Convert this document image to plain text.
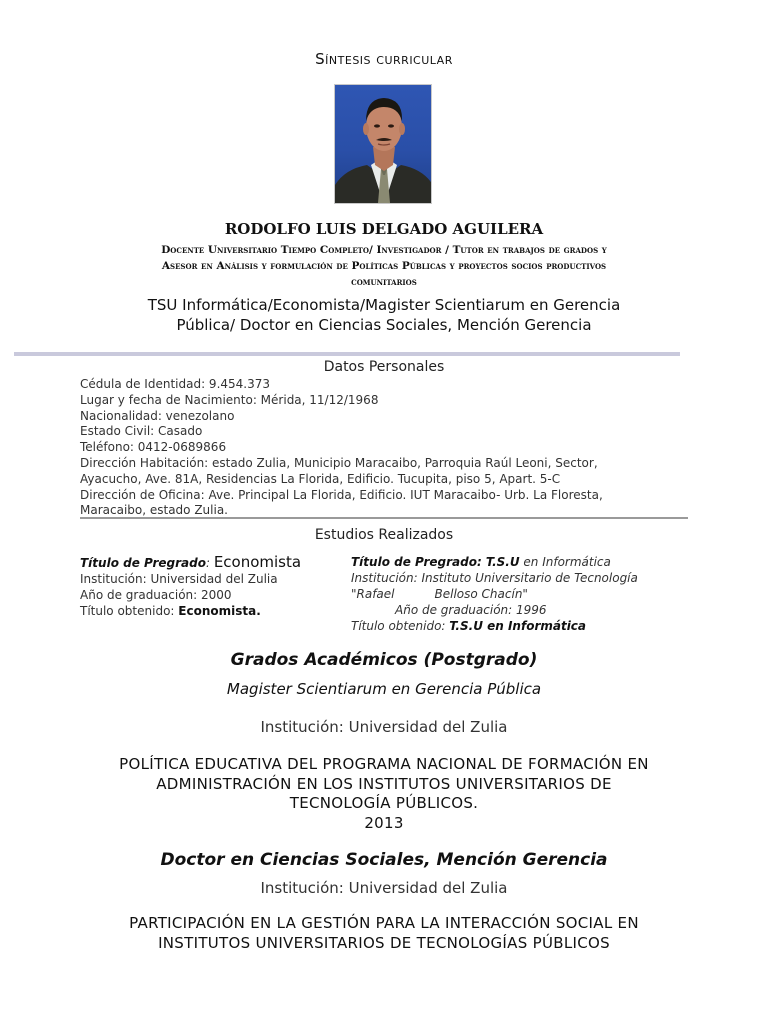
Síntesis curricular
RODOLFO LUIS DELGADO AGUILERA
Docente Universitario Tiempo Completo/ Investigador / Tutor en trabajos de grados y
Asesor en Análisis y formulación de Políticas Públicas y proyectos socios productivos
comunitarios
TSU Informática/Economista/Magister Scientiarum en Gerencia
Pública/ Doctor en Ciencias Sociales, Mención Gerencia
Datos Personales
Cédula de Identidad: 9.454.373
Lugar y fecha de Nacimiento: Mérida, 11/12/1968
Nacionalidad: venezolano
Estado Civil: Casado
Teléfono: 0412-0689866
Dirección Habitación: estado Zulia, Municipio Maracaibo, Parroquia Raúl Leoni, Sector,
Ayacucho, Ave. 81A, Residencias La Florida, Edificio. Tucupita, piso 5, Apart. 5-C
Dirección de Oficina: Ave. Principal La Florida, Edificio. IUT Maracaibo- Urb. La Floresta,
Maracaibo, estado Zulia.
Estudios Realizados
Título de Pregrado: Economista
Institución: Universidad del Zulia
Año de graduación: 2000
Título obtenido: Economista.
Título de Pregrado: T.S.U en Informática
Institución: Instituto Universitario de Tecnología
"Rafael	Belloso Chacín"
Año de graduación: 1996
Título obtenido: T.S.U en Informática
Grados Académicos (Postgrado)
Magister Scientiarum en Gerencia Pública
Institución: Universidad del Zulia
POLÍTICA EDUCATIVA DEL PROGRAMA NACIONAL DE FORMACIÓN EN
ADMINISTRACIÓN EN LOS INSTITUTOS UNIVERSITARIOS DE
TECNOLOGÍA PÚBLICOS.
2013
Doctor en Ciencias Sociales, Mención Gerencia
Institución: Universidad del Zulia
PARTICIPACIÓN EN LA GESTIÓN PARA LA INTERACCIÓN SOCIAL EN
INSTITUTOS UNIVERSITARIOS DE TECNOLOGÍAS PÚBLICOS
